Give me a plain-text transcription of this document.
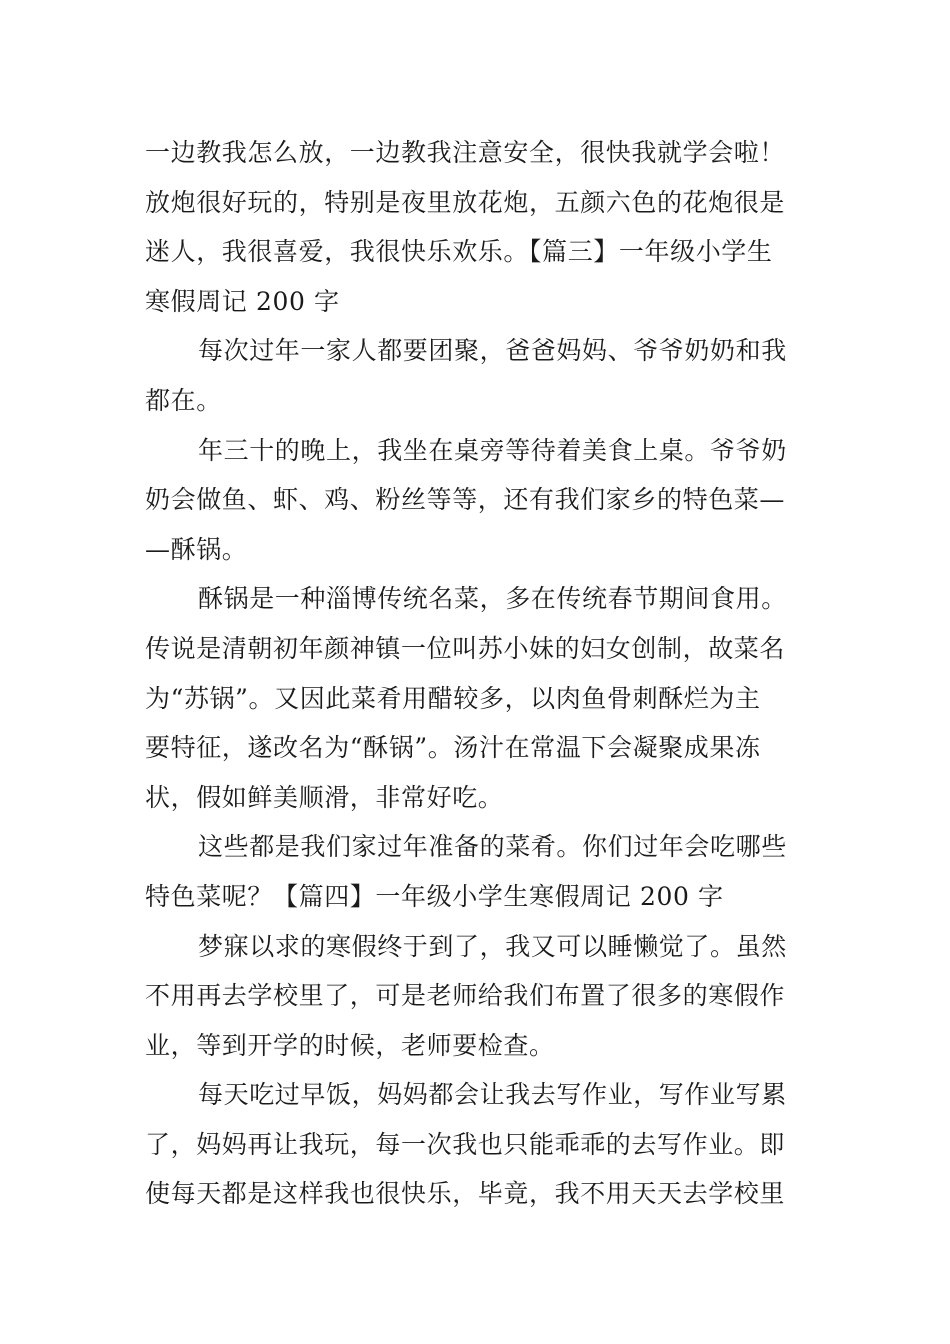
一边教我怎么放，一边教我注意安全，很快我就学会啦！
放炮很好玩的，特别是夜里放花炮，五颜六色的花炮很是
迷人，我很喜爱，我很快乐欢乐。【篇三】一年级小学生
寒假周记 200 字
每次过年一家人都要团聚，爸爸妈妈、爷爷奶奶和我
都在。
年三十的晚上，我坐在桌旁等待着美食上桌。爷爷奶
奶会做鱼、虾、鸡、粉丝等等，还有我们家乡的特色菜—
—酥锅。
酥锅是一种淄博传统名菜，多在传统春节期间食用。
传说是清朝初年颜神镇一位叫苏小妹的妇女创制，故菜名
为“苏锅”。又因此菜肴用醋较多，以肉鱼骨刺酥烂为主
要特征，遂改名为“酥锅”。汤汁在常温下会凝聚成果冻
状，假如鲜美顺滑，非常好吃。
这些都是我们家过年准备的菜肴。你们过年会吃哪些
特色菜呢？【篇四】一年级小学生寒假周记 200 字
梦寐以求的寒假终于到了，我又可以睡懒觉了。虽然
不用再去学校里了，可是老师给我们布置了很多的寒假作
业，等到开学的时候，老师要检查。
每天吃过早饭，妈妈都会让我去写作业，写作业写累
了，妈妈再让我玩，每一次我也只能乖乖的去写作业。即
使每天都是这样我也很快乐，毕竟，我不用天天去学校里
